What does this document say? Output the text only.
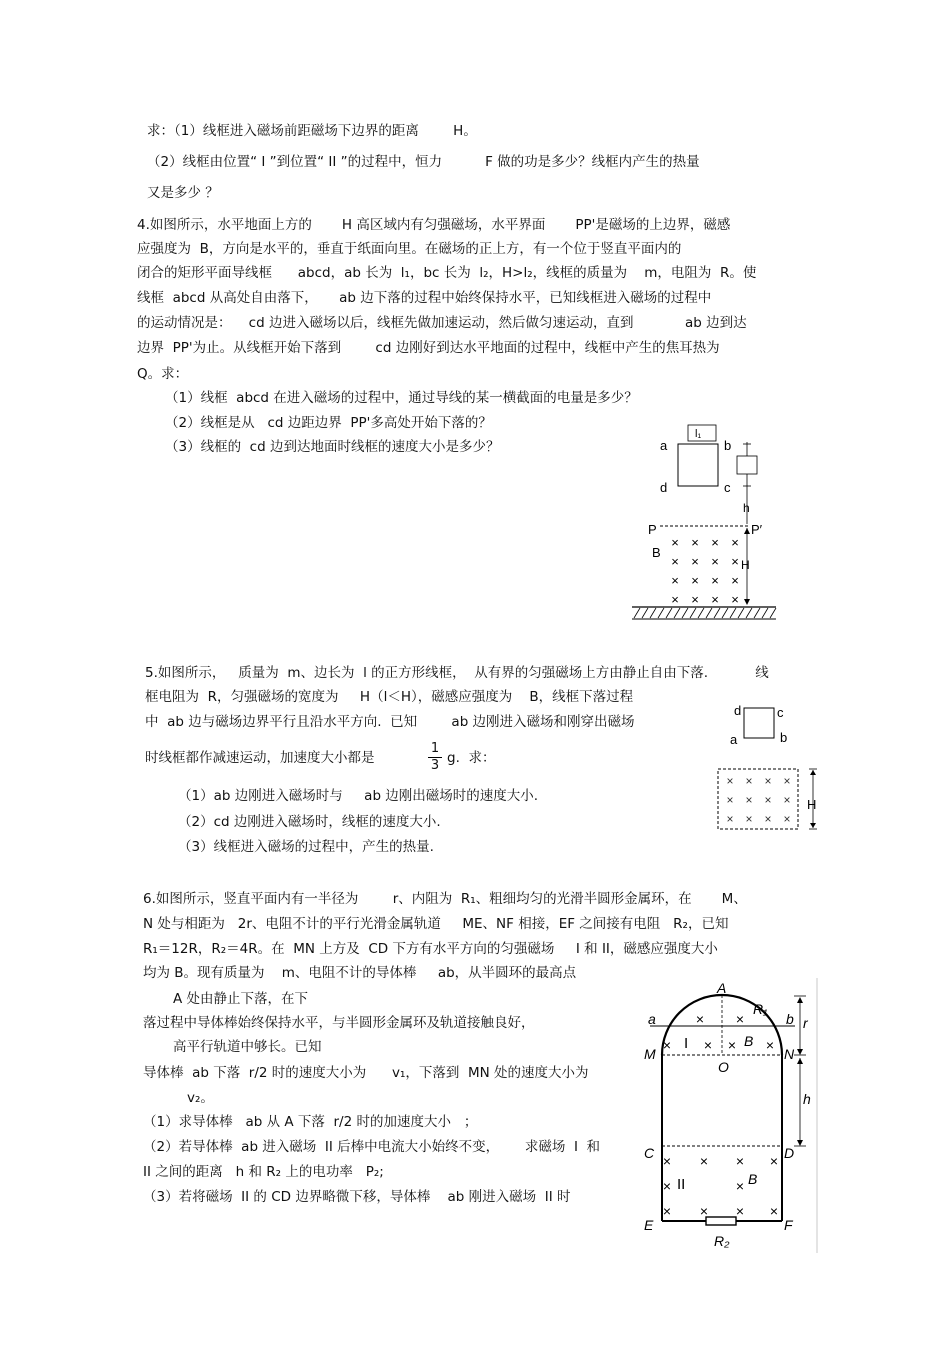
求：（1）线框进入磁场前距磁场下边界的距离        H。
（2）线框由位置“ I ”到位置“ II ”的过程中，恒力          F 做的功是多少？线框内产生的热量
又是多少 ？
4.如图所示，水平地面上方的       H 高区域内有匀强磁场，水平界面       PP'是磁场的上边界，磁感
应强度为  B，方向是水平的，垂直于纸面向里。在磁场的正上方，有一个位于竖直平面内的
闭合的矩形平面导线框      abcd，ab 长为  l₁，bc 长为  l₂，H>l₂，线框的质量为    m，电阻为  R。使
线框  abcd 从高处自由落下，     ab 边下落的过程中始终保持水平，已知线框进入磁场的过程中
的运动情况是：    cd 边进入磁场以后，线框先做加速运动，然后做匀速运动，直到            ab 边到达
边界  PP'为止。从线框开始下落到        cd 边刚好到达水平地面的过程中，线框中产生的焦耳热为
Q。求：
（1）线框  abcd 在进入磁场的过程中，通过导线的某一横截面的电量是多少？
（2）线框是从   cd 边距边界  PP'多高处开始下落的？
（3）线框的  cd 边到达地面时线框的速度大小是多少？	a	b
d	c
l₁
h
P	P′
B
H
× × × ×
× × × ×
× × × ×
× × × ×
5.如图所示，   质量为  m、边长为  l 的正方形线框，  从有界的匀强磁场上方由静止自由下落.           线
框电阻为  R，匀强磁场的宽度为     H（l＜H），磁感应强度为    B，线框下落过程
中  ab 边与磁场边界平行且沿水平方向.  已知        ab 边刚进入磁场和刚穿出磁场
时线框都作减速运动，加速度大小都是	$\frac{1}{3} g$.  求：
（1）ab 边刚进入磁场时与     ab 边刚出磁场时的速度大小.
（2）cd 边刚进入磁场时，线框的速度大小.
（3）线框进入磁场的过程中，产生的热量.
d	c
a	b
H
× × × ×
× × × ×
× × × ×
6.如图所示，竖直平面内有一半径为        r、内阻为  R₁、粗细均匀的光滑半圆形金属环，在       M、
N 处与相距为   2r、电阻不计的平行光滑金属轨道     ME、NF 相接，EF 之间接有电阻   R₂，已知
R₁＝12R，R₂＝4R。在  MN 上方及  CD 下方有水平方向的匀强磁场     I 和 II，磁感应强度大小
均为 B。现有质量为    m、电阻不计的导体棒     ab，从半圆环的最高点
A 处由静止下落，在下
落过程中导体棒始终保持水平，与半圆形金属环及轨道接触良好，
高平行轨道中够长。已知
导体棒  ab 下落  r/2 时的速度大小为      v₁，下落到  MN 处的速度大小为
v₂。
（1）求导体棒   ab 从 A 下落  r/2 时的加速度大小   ；
（2）若导体棒  ab 进入磁场  II 后棒中电流大小始终不变，      求磁场  I  和
II 之间的距离   h 和 R₂ 上的电功率   P₂;
（3）若将磁场  II 的 CD 边界略微下移，导体棒    ab 刚进入磁场  II 时
A
R₁
a	b
M	N
B
O
r
h
C	D
B
E	F
R₂
I
II
× ×
× × × ×
× × × ×
×	×
× × × ×
